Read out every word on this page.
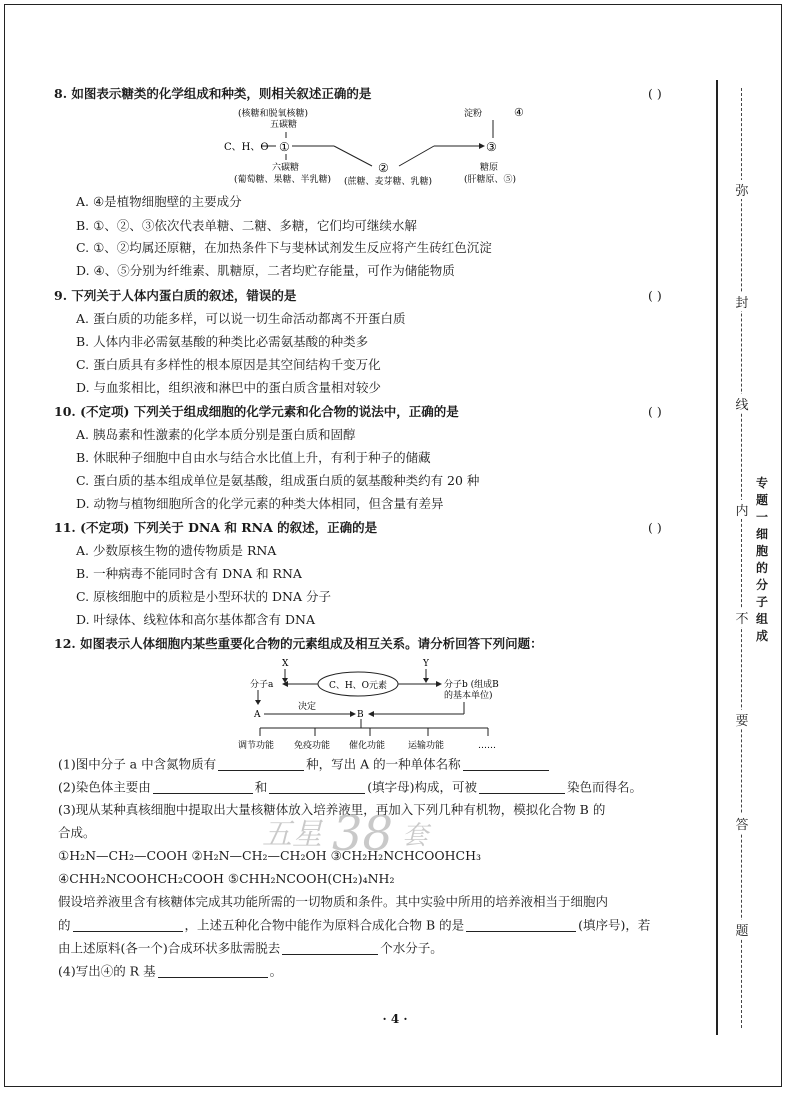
8. 如图表示糖类的化学组成和种类，则相关叙述正确的是	( )
(核糖和脱氧核糖)
五碳糖
C、H、O ①
六碳糖
(葡萄糖、果糖、半乳糖)
②
(蔗糖、麦芽糖、乳糖)
③
淀粉	④
糖原
(肝糖原、⑤)
A. ④是植物细胞壁的主要成分
B. ①、②、③依次代表单糖、二糖、多糖，它们均可继续水解
C. ①、②均属还原糖，在加热条件下与斐林试剂发生反应将产生砖红色沉淀
D. ④、⑤分别为纤维素、肌糖原，二者均贮存能量，可作为储能物质
9. 下列关于人体内蛋白质的叙述，错误的是	( )
A. 蛋白质的功能多样，可以说一切生命活动都离不开蛋白质
B. 人体内非必需氨基酸的种类比必需氨基酸的种类多
C. 蛋白质具有多样性的根本原因是其空间结构千变万化
D. 与血浆相比，组织液和淋巴中的蛋白质含量相对较少
10. (不定项) 下列关于组成细胞的化学元素和化合物的说法中，正确的是	( )
A. 胰岛素和性激素的化学本质分别是蛋白质和固醇
B. 休眠种子细胞中自由水与结合水比值上升，有利于种子的储藏
C. 蛋白质的基本组成单位是氨基酸，组成蛋白质的氨基酸种类约有 20 种
D. 动物与植物细胞所含的化学元素的种类大体相同，但含量有差异
11. (不定项) 下列关于 DNA 和 RNA 的叙述，正确的是	( )
A. 少数原核生物的遗传物质是 RNA
B. 一种病毒不能同时含有 DNA 和 RNA
C. 原核细胞中的质粒是小型环状的 DNA 分子
D. 叶绿体、线粒体和高尔基体都含有 DNA
12. 如图表示人体细胞内某些重要化合物的元素组成及相互关系。请分析回答下列问题：
X	Y
分子a	C、H、O元素	分子b (组成B
的基本单位)
A
决定
B
调节功能 免疫功能 催化功能	运输功能	……
(1)图中分子 a 中含氮物质有	种，写出 A 的一种单体名称
(2)染色体主要由	和	(填字母)构成，可被	染色而得名。
(3)现从某种真核细胞中提取出大量核糖体放入培养液里，再加入下列几种有机物，模拟化合物 B 的
合成。
①H₂N—CH₂—COOH ②H₂N—CH₂—CH₂OH ③CH₂H₂NCHCOOHCH₃
④CHH₂NCOOHCH₂COOH ⑤CHH₂NCOOH(CH₂)₄NH₂
假设培养液里含有核糖体完成其功能所需的一切物质和条件。其中实验中所用的培养液相当于细胞内
的	，上述五种化合物中能作为原料合成化合物 B 的是	(填序号)，若
由上述原料(各一个)合成环状多肽需脱去	个水分子。
(4)写出④的 R 基	。
五 星 38 套
弥
封
线
内
不
要
答
题
专题一 细胞的分子组成
· 4 ·
